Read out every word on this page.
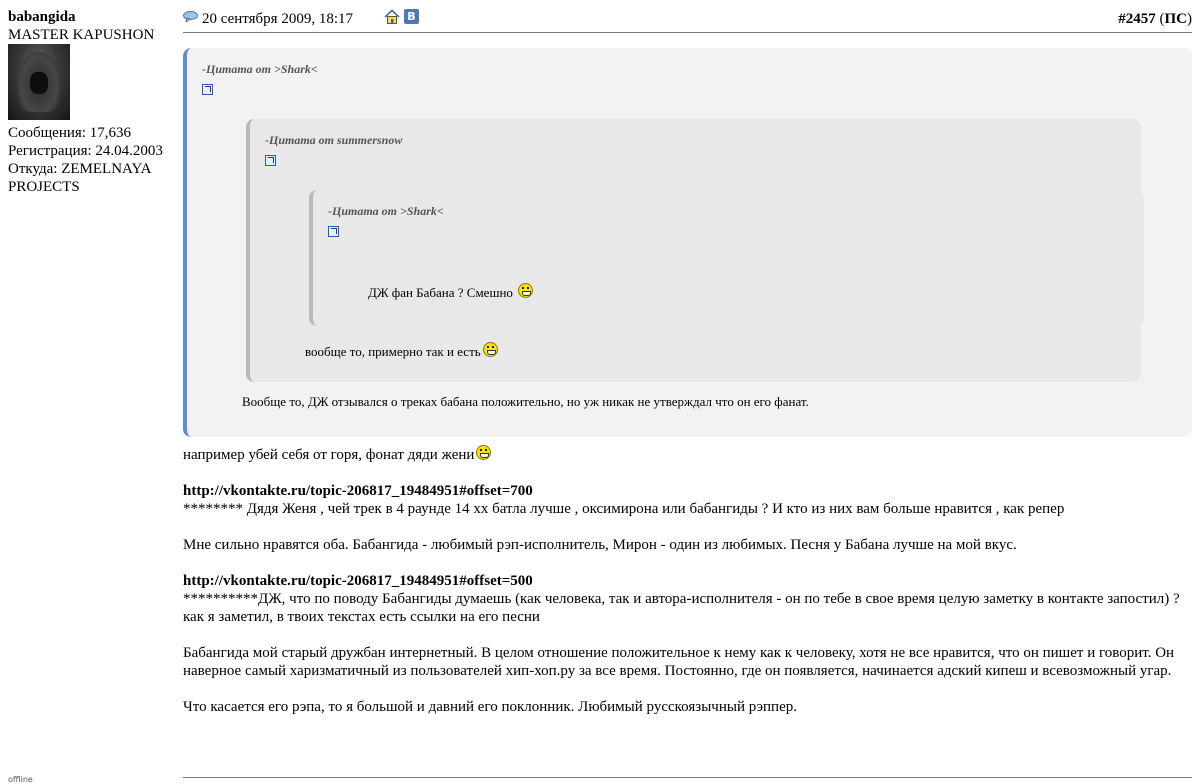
babangida
MASTER KAPUSHON
Сообщения: 17,636
Регистрация: 24.04.2003
Откуда: ZEMELNAYA PROJECTS
offline
20 сентября 2009, 18:17	В	#2457 (ПС)
-Цитата от >Shark<
-Цитата от summersnow
-Цитата от >Shark<
ДЖ фан Бабана ? Смешно
вообще то, примерно так и есть
Вообще то, ДЖ отзывался о треках бабана положительно, но уж никак не утверждал что он его фанат.

например убей себя от горя, фонат дяди жени

http://vkontakte.ru/topic-206817_19484951#offset=700
******** Дядя Женя , чей трек в 4 раунде 14 хх батла лучше , оксимирона или бабангиды ? И кто из них вам больше нравится , как репер

Мне сильно нравятся оба. Бабангида - любимый рэп-исполнитель, Мирон - один из любимых. Песня у Бабана лучше на мой вкус.

http://vkontakte.ru/topic-206817_19484951#offset=500
**********ДЖ, что по поводу Бабангиды думаешь (как человека, так и автора-исполнителя - он по тебе в свое время целую заметку в контакте запостил) ?
как я заметил, в твоих текстах есть ссылки на его песни

Бабангида мой старый дружбан интернетный. В целом отношение положительное к нему как к человеку, хотя не все нравится, что он пишет и говорит. Он наверное самый харизматичный из пользователей хип-хоп.ру за все время. Постоянно, где он появляется, начинается адский кипеш и всевозможный угар.

Что касается его рэпа, то я большой и давний его поклонник. Любимый русскоязычный рэппер.
